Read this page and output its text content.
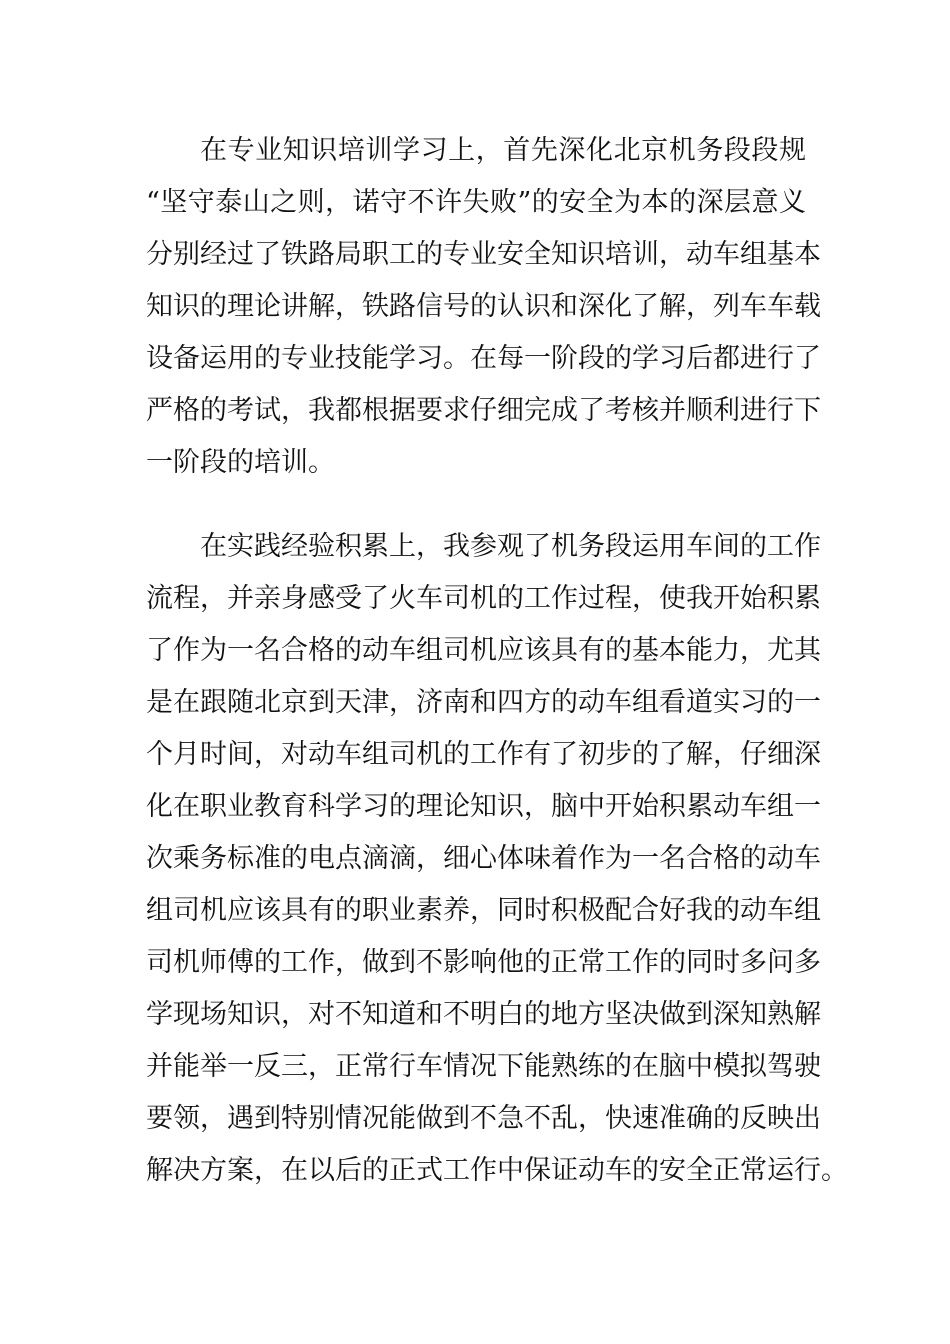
在专业知识培训学习上，首先深化北京机务段段规
“坚守泰山之则，诺守不许失败”的安全为本的深层意义
分别经过了铁路局职工的专业安全知识培训，动车组基本
知识的理论讲解，铁路信号的认识和深化了解，列车车载
设备运用的专业技能学习。在每一阶段的学习后都进行了
严格的考试，我都根据要求仔细完成了考核并顺利进行下
一阶段的培训。
在实践经验积累上，我参观了机务段运用车间的工作
流程，并亲身感受了火车司机的工作过程，使我开始积累
了作为一名合格的动车组司机应该具有的基本能力，尤其
是在跟随北京到天津，济南和四方的动车组看道实习的一
个月时间，对动车组司机的工作有了初步的了解，仔细深
化在职业教育科学习的理论知识，脑中开始积累动车组一
次乘务标准的电点滴滴，细心体味着作为一名合格的动车
组司机应该具有的职业素养，同时积极配合好我的动车组
司机师傅的工作，做到不影响他的正常工作的同时多问多
学现场知识，对不知道和不明白的地方坚决做到深知熟解
并能举一反三，正常行车情况下能熟练的在脑中模拟驾驶
要领，遇到特别情况能做到不急不乱，快速准确的反映出
解决方案，在以后的正式工作中保证动车的安全正常运行。
